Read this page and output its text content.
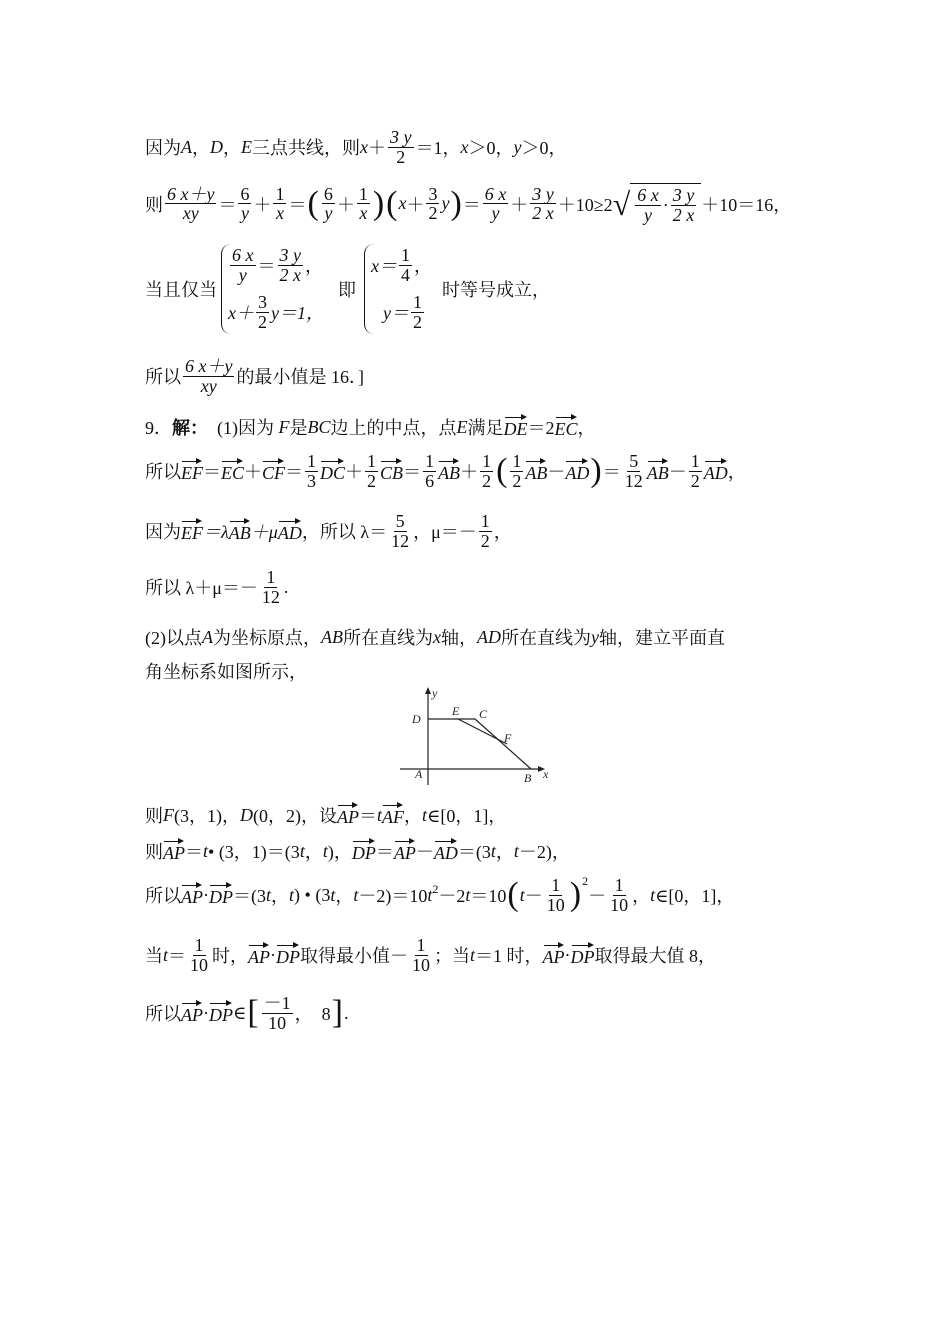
因为 A ， D ， E 三点共线，则 $x + \frac{3 y}{2} =1$， x ＞0， y ＞0，
则 $\frac{6 x+y}{xy} = \frac{6}{y} + \frac{1}{x}$ ＝ ( $\frac{6}{y} + \frac{1}{x}$ ) ( $x + \frac{3}{2}$ y ) ＝ $\frac{6 x}{y} + \frac{3 y}{2 x} +10\ge 2$ √ $\frac{6 x}{y} \cdot \frac{3 y}{2 x} +10=16$，
当且仅当
$\frac{6 x}{y} = \frac{3 y}{2 x}$ ，
$x+ \frac{3}{2} y=1$，
即
$x= \frac{1}{4}$ ，
$y= \frac{1}{2}$
时等号成立，
所以 $\frac{6 x+y}{xy}$ 的最小值是 16．]
9． 解： (1)因为 F 是 BC 边上的中点，点 E 满足 DE ＝2 EC ，
所以 EF ＝ EC ＋ CF ＝ $\frac{1}{3}$ DC ＋ $\frac{1}{2}$ CB ＝ $\frac{1}{6}$ AB ＋ $\frac{1}{2}$ ( $\frac{1}{2}$ AB － AD ) ＝ $\frac{5}{12}$ AB － $\frac{1}{2}$ AD ，
因为 EF ＝λ AB ＋μ AD ，所以 $\lambda= \frac{5}{12}$ ，$\mu=- \frac{1}{2}$ ，
所以 $\lambda+\mu=- \frac{1}{12}$ .
(2)以点 A 为坐标原点， AB 所在直线为 x 轴， AD 所在直线为 y 轴，建立平面直
角坐标系如图所示，
y
x
D
E C
F
A	B
则 F (3，1)， D (0，2)，设 AP ＝ t AF ， t ∈[0，1]，
则 AP ＝ t • (3，1)＝(3 t ， t )， DP ＝ AP － AD ＝(3 t ， t －2)，
所以 AP · DP ＝(3 t ， t ) • (3 t ， t －2)＝10 t 2 －2 t ＝10 ( $t - \frac{1}{10}$ ) 2
－ $\frac{1}{10}$ ， t ∈[0，1]，
当 $t = \frac{1}{10}$ 时， AP · DP 取得最小值－ $\frac{1}{10}$ ；当 t ＝1 时， AP · DP 取得最大值 8，
所以 AP · DP ∈ [ $\frac{-1}{10}$ ，  8 ] .
